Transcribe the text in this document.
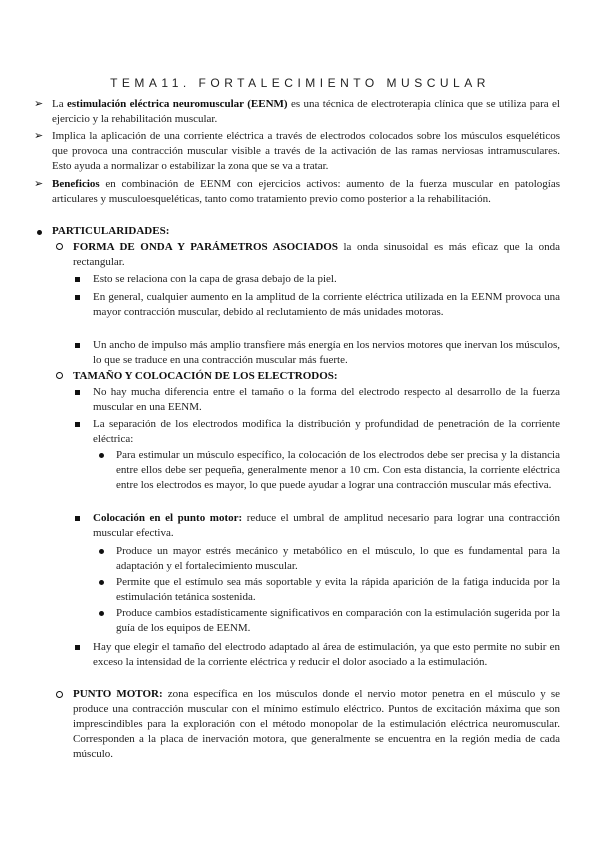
TEMA11. FORTALECIMIENTO MUSCULAR
➢ La estimulación eléctrica neuromuscular (EENM) es una técnica de electroterapia clínica que se utiliza para el ejercicio y la rehabilitación muscular.
➢ Implica la aplicación de una corriente eléctrica a través de electrodos colocados sobre los músculos esqueléticos que provoca una contracción muscular visible a través de la activación de las ramas nerviosas intramusculares. Esto ayuda a normalizar o estabilizar la zona que se va a tratar.
➢ Beneficios en combinación de EENM con ejercicios activos: aumento de la fuerza muscular en patologías articulares y musculoesqueléticas, tanto como tratamiento previo como posterior a la rehabilitación.
PARTICULARIDADES:
FORMA DE ONDA Y PARÁMETROS ASOCIADOS la onda sinusoidal es más eficaz que la onda rectangular.
Esto se relaciona con la capa de grasa debajo de la piel.
En general, cualquier aumento en la amplitud de la corriente eléctrica utilizada en la EENM provoca una mayor contracción muscular, debido al reclutamiento de más unidades motoras.
Un ancho de impulso más amplio transfiere más energía en los nervios motores que inervan los músculos, lo que se traduce en una contracción muscular más fuerte.
TAMAÑO Y COLOCACIÓN DE LOS ELECTRODOS:
No hay mucha diferencia entre el tamaño o la forma del electrodo respecto al desarrollo de la fuerza muscular en una EENM.
La separación de los electrodos modifica la distribución y profundidad de penetración de la corriente eléctrica:
Para estimular un músculo específico, la colocación de los electrodos debe ser precisa y la distancia entre ellos debe ser pequeña, generalmente menor a 10 cm. Con esta distancia, la corriente eléctrica entre los electrodos es mayor, lo que puede ayudar a lograr una contracción muscular más efectiva.
Colocación en el punto motor: reduce el umbral de amplitud necesario para lograr una contracción muscular efectiva.
Produce un mayor estrés mecánico y metabólico en el músculo, lo que es fundamental para la adaptación y el fortalecimiento muscular.
Permite que el estímulo sea más soportable y evita la rápida aparición de la fatiga inducida por la estimulación tetánica sostenida.
Produce cambios estadísticamente significativos en comparación con la estimulación sugerida por la guía de los equipos de EENM.
Hay que elegir el tamaño del electrodo adaptado al área de estimulación, ya que esto permite no subir en exceso la intensidad de la corriente eléctrica y reducir el dolor asociado a la estimulación.
PUNTO MOTOR: zona específica en los músculos donde el nervio motor penetra en el músculo y se produce una contracción muscular con el mínimo estímulo eléctrico. Puntos de excitación máxima que son imprescindibles para la exploración con el método monopolar de la estimulación eléctrica neuromuscular. Corresponden a la placa de inervación motora, que generalmente se encuentra en la región media de cada músculo.
